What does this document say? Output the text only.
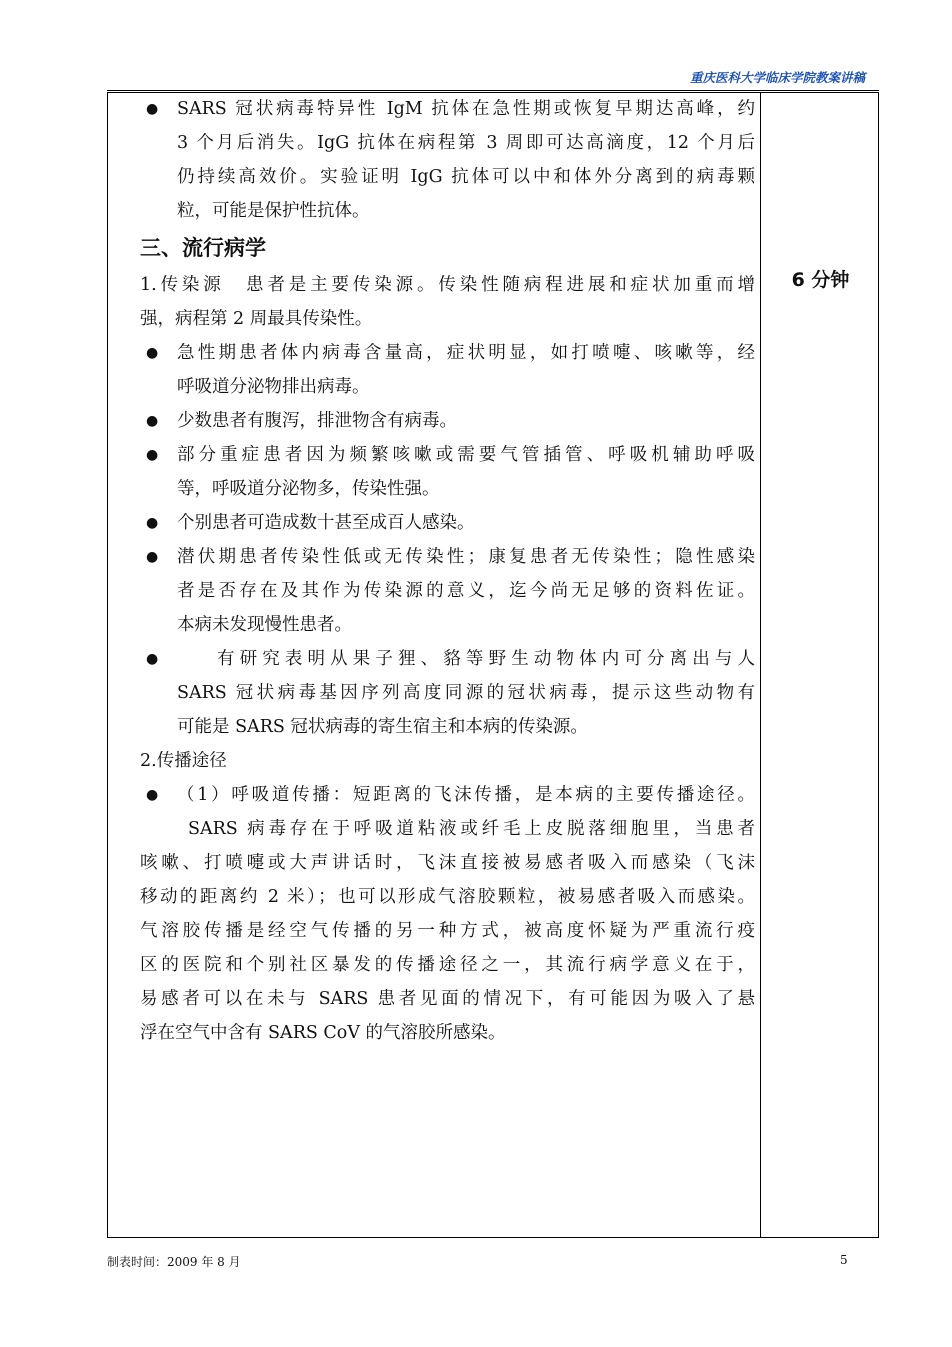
重庆医科大学临床学院教案讲稿
6 分钟
● SARS 冠状病毒特异性 IgM 抗体在急性期或恢复早期达高峰，约
3 个月后消失。IgG 抗体在病程第 3 周即可达高滴度，12 个月后
仍持续高效价。实验证明 IgG 抗体可以中和体外分离到的病毒颗
粒，可能是保护性抗体。
三、流行病学
1.传染源　患者是主要传染源。传染性随病程进展和症状加重而增
强，病程第 2 周最具传染性。
● 急性期患者体内病毒含量高，症状明显，如打喷嚏、咳嗽等，经
呼吸道分泌物排出病毒。
● 少数患者有腹泻，排泄物含有病毒。
● 部分重症患者因为频繁咳嗽或需要气管插管、呼吸机辅助呼吸
等，呼吸道分泌物多，传染性强。
● 个别患者可造成数十甚至成百人感染。
● 潜伏期患者传染性低或无传染性；康复患者无传染性；隐性感染
者是否存在及其作为传染源的意义，迄今尚无足够的资料佐证。
本病未发现慢性患者。
●	有研究表明从果子狸、貉等野生动物体内可分离出与人
SARS 冠状病毒基因序列高度同源的冠状病毒，提示这些动物有
可能是 SARS 冠状病毒的寄生宿主和本病的传染源。
2.传播途径
● （1）呼吸道传播：短距离的飞沫传播，是本病的主要传播途径。
SARS 病毒存在于呼吸道粘液或纤毛上皮脱落细胞里，当患者
咳嗽、打喷嚏或大声讲话时，飞沫直接被易感者吸入而感染（飞沫
移动的距离约 2 米）；也可以形成气溶胶颗粒，被易感者吸入而感染。
气溶胶传播是经空气传播的另一种方式，被高度怀疑为严重流行疫
区的医院和个别社区暴发的传播途径之一，其流行病学意义在于，
易感者可以在未与 SARS 患者见面的情况下，有可能因为吸入了悬
浮在空气中含有 SARS CoV 的气溶胶所感染。
制表时间：2009 年 8 月	5
